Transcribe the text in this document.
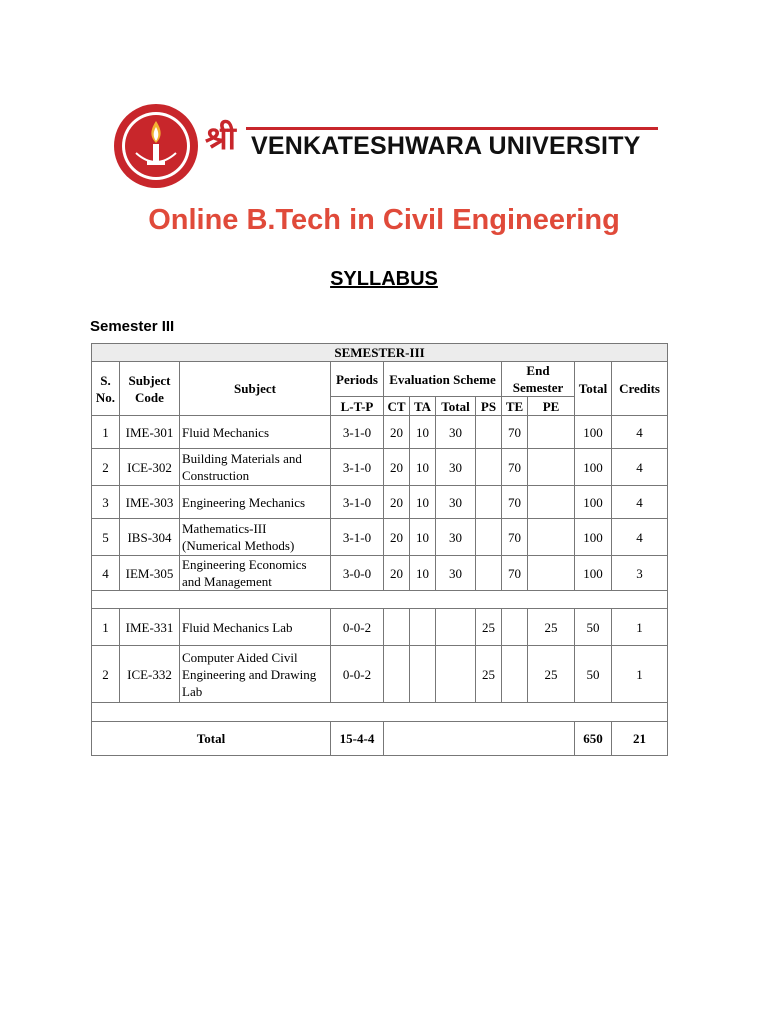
श्री VENKATESHWARA UNIVERSITY
Online B.Tech in Civil Engineering
SYLLABUS
Semester III
SEMESTER-III											
S. No.	Subject Code	Subject	Periods	Evaluation Scheme				End Semester		Total	Credits
			L-T-P	CT	TA	Total	PS	TE	PE		
1	IME-301	Fluid Mechanics	3-1-0	20	10	30		70		100	4
2	ICE-302	Building Materials and Construction	3-1-0	20	10	30		70		100	4
3	IME-303	Engineering Mechanics	3-1-0	20	10	30		70		100	4
5	IBS-304	Mathematics-III (Numerical Methods)	3-1-0	20	10	30		70		100	4
4	IEM-305	Engineering Economics and Management	3-0-0	20	10	30		70		100	3

1	IME-331	Fluid Mechanics Lab	0-0-2				25		25	50	1
2	ICE-332	Computer Aided Civil Engineering and Drawing Lab	0-0-2				25		25	50	1

Total			15-4-4							650	21
